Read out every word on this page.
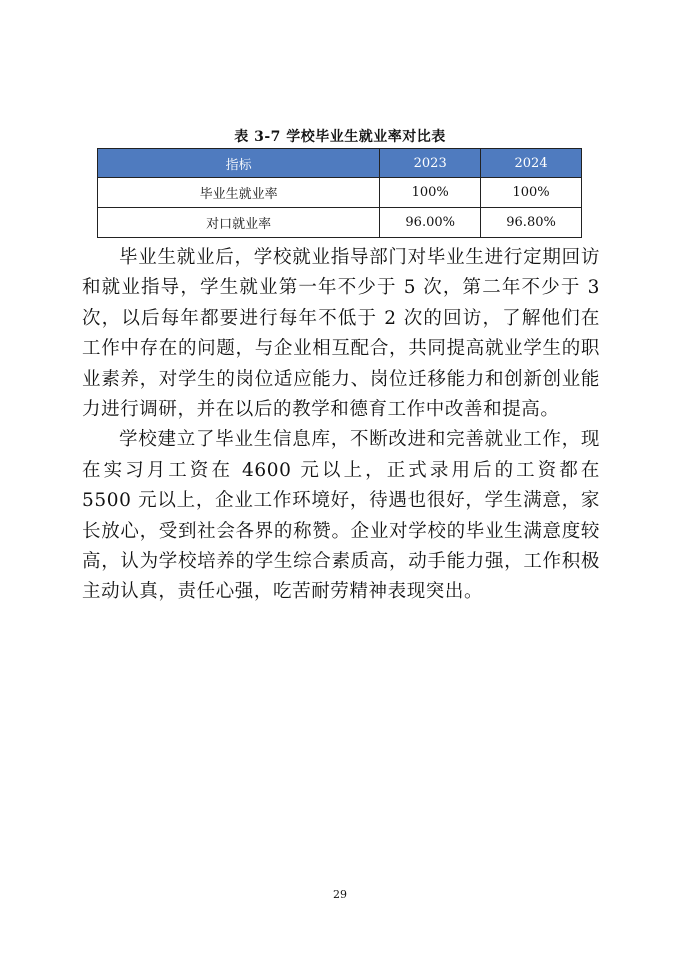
表 3-7 学校毕业生就业率对比表
指标	2023	2024
毕业生就业率	100%	100%
对口就业率	96.00%	96.80%

毕业生就业后，学校就业指导部门对毕业生进行定期回访和就业指导，学生就业第一年不少于 5 次，第二年不少于 3 次，以后每年都要进行每年不低于 2 次的回访，了解他们在工作中存在的问题，与企业相互配合，共同提高就业学生的职业素养，对学生的岗位适应能力、岗位迁移能力和创新创业能力进行调研，并在以后的教学和德育工作中改善和提高。

学校建立了毕业生信息库，不断改进和完善就业工作，现在实习月工资在 4600 元以上，正式录用后的工资都在 5500 元以上，企业工作环境好，待遇也很好，学生满意，家长放心，受到社会各界的称赞。企业对学校的毕业生满意度较高，认为学校培养的学生综合素质高，动手能力强，工作积极主动认真，责任心强，吃苦耐劳精神表现突出。

29
